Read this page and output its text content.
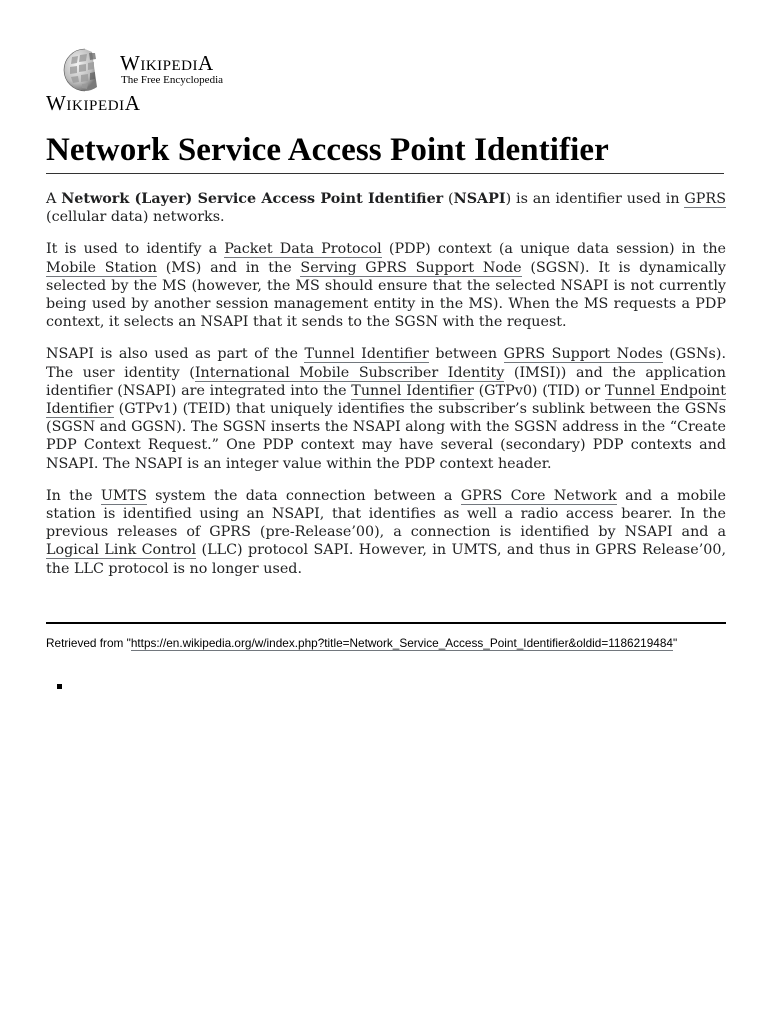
WIKIPEDIA
The Free Encyclopedia
WIKIPEDIA
Network Service Access Point Identifier

A Network (Layer) Service Access Point Identifier (NSAPI) is an identifier used in GPRS (cellular data) networks.

It is used to identify a Packet Data Protocol (PDP) context (a unique data session) in the Mobile Station (MS) and in the Serving GPRS Support Node (SGSN). It is dynamically selected by the MS (however, the MS should ensure that the selected NSAPI is not currently being used by another session management entity in the MS). When the MS requests a PDP context, it selects an NSAPI that it sends to the SGSN with the request.

NSAPI is also used as part of the Tunnel Identifier between GPRS Support Nodes (GSNs). The user identity (International Mobile Subscriber Identity (IMSI)) and the application identifier (NSAPI) are integrated into the Tunnel Identifier (GTPv0) (TID) or Tunnel Endpoint Identifier (GTPv1) (TEID) that uniquely identifies the subscriber’s sublink between the GSNs (SGSN and GGSN). The SGSN inserts the NSAPI along with the SGSN address in the “Create PDP Context Request.” One PDP context may have several (secondary) PDP contexts and NSAPI. The NSAPI is an integer value within the PDP context header.

In the UMTS system the data connection between a GPRS Core Network and a mobile station is identified using an NSAPI, that identifies as well a radio access bearer. In the previous releases of GPRS (pre-Release’00), a connection is identified by NSAPI and a Logical Link Control (LLC) protocol SAPI. However, in UMTS, and thus in GPRS Release’00, the LLC protocol is no longer used.

Retrieved from "https://en.wikipedia.org/w/index.php?title=Network_Service_Access_Point_Identifier&oldid=1186219484"
